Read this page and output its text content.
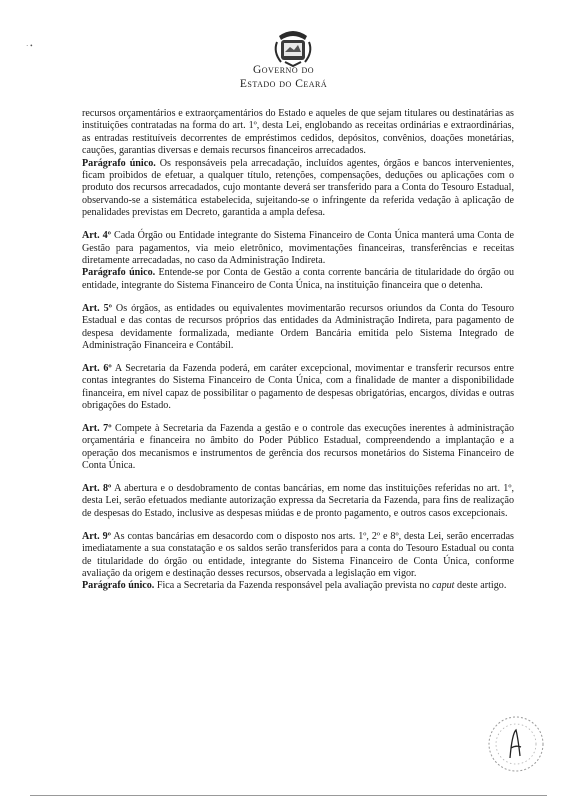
· •
Governo do
Estado do Ceará

recursos orçamentários e extraorçamentários do Estado e aqueles de que sejam titulares ou destinatárias as instituições contratadas na forma do art. 1º, desta Lei, englobando as receitas ordinárias e extraordinárias, as entradas restituíveis decorrentes de empréstimos cedidos, depósitos, convênios, doações monetárias, cauções, garantias diversas e demais recursos financeiros arrecadados.

Parágrafo único. Os responsáveis pela arrecadação, incluídos agentes, órgãos e bancos intervenientes, ficam proibidos de efetuar, a qualquer título, retenções, compensações, deduções ou aplicações com o produto dos recursos arrecadados, cujo montante deverá ser transferido para a Conta do Tesouro Estadual, observando-se a sistemática estabelecida, sujeitando-se o infringente da referida vedação à aplicação de penalidades previstas em Decreto, garantida a ampla defesa.

Art. 4º Cada Órgão ou Entidade integrante do Sistema Financeiro de Conta Única manterá uma Conta de Gestão para pagamentos, via meio eletrônico, movimentações financeiras, transferências e receitas diretamente arrecadadas, no caso da Administração Indireta.

Parágrafo único. Entende-se por Conta de Gestão a conta corrente bancária de titularidade do órgão ou entidade, integrante do Sistema Financeiro de Conta Única, na instituição financeira que o detenha.

Art. 5º Os órgãos, as entidades ou equivalentes movimentarão recursos oriundos da Conta do Tesouro Estadual e das contas de recursos próprios das entidades da Administração Indireta, para pagamento de despesa devidamente formalizada, mediante Ordem Bancária emitida pelo Sistema Integrado de Administração Financeira e Contábil.

Art. 6º A Secretaria da Fazenda poderá, em caráter excepcional, movimentar e transferir recursos entre contas integrantes do Sistema Financeiro de Conta Única, com a finalidade de manter a disponibilidade financeira, em nível capaz de possibilitar o pagamento de despesas obrigatórias, encargos, dívidas e outras obrigações do Estado.

Art. 7º Compete à Secretaria da Fazenda a gestão e o controle das execuções inerentes à administração orçamentária e financeira no âmbito do Poder Público Estadual, compreendendo a implantação e a operação dos mecanismos e instrumentos de gerência dos recursos monetários do Sistema Financeiro de Conta Única.

Art. 8º A abertura e o desdobramento de contas bancárias, em nome das instituições referidas no art. 1º, desta Lei, serão efetuados mediante autorização expressa da Secretaria da Fazenda, para fins de realização de despesas do Estado, inclusive as despesas miúdas e de pronto pagamento, e outros casos excepcionais.

Art. 9º As contas bancárias em desacordo com o disposto nos arts. 1º, 2º e 8º, desta Lei, serão encerradas imediatamente a sua constatação e os saldos serão transferidos para a conta do Tesouro Estadual ou conta de titularidade do órgão ou entidade, integrante do Sistema Financeiro de Conta Única, conforme avaliação da origem e destinação desses recursos, observada a legislação em vigor.

Parágrafo único. Fica a Secretaria da Fazenda responsável pela avaliação prevista no caput deste artigo.
